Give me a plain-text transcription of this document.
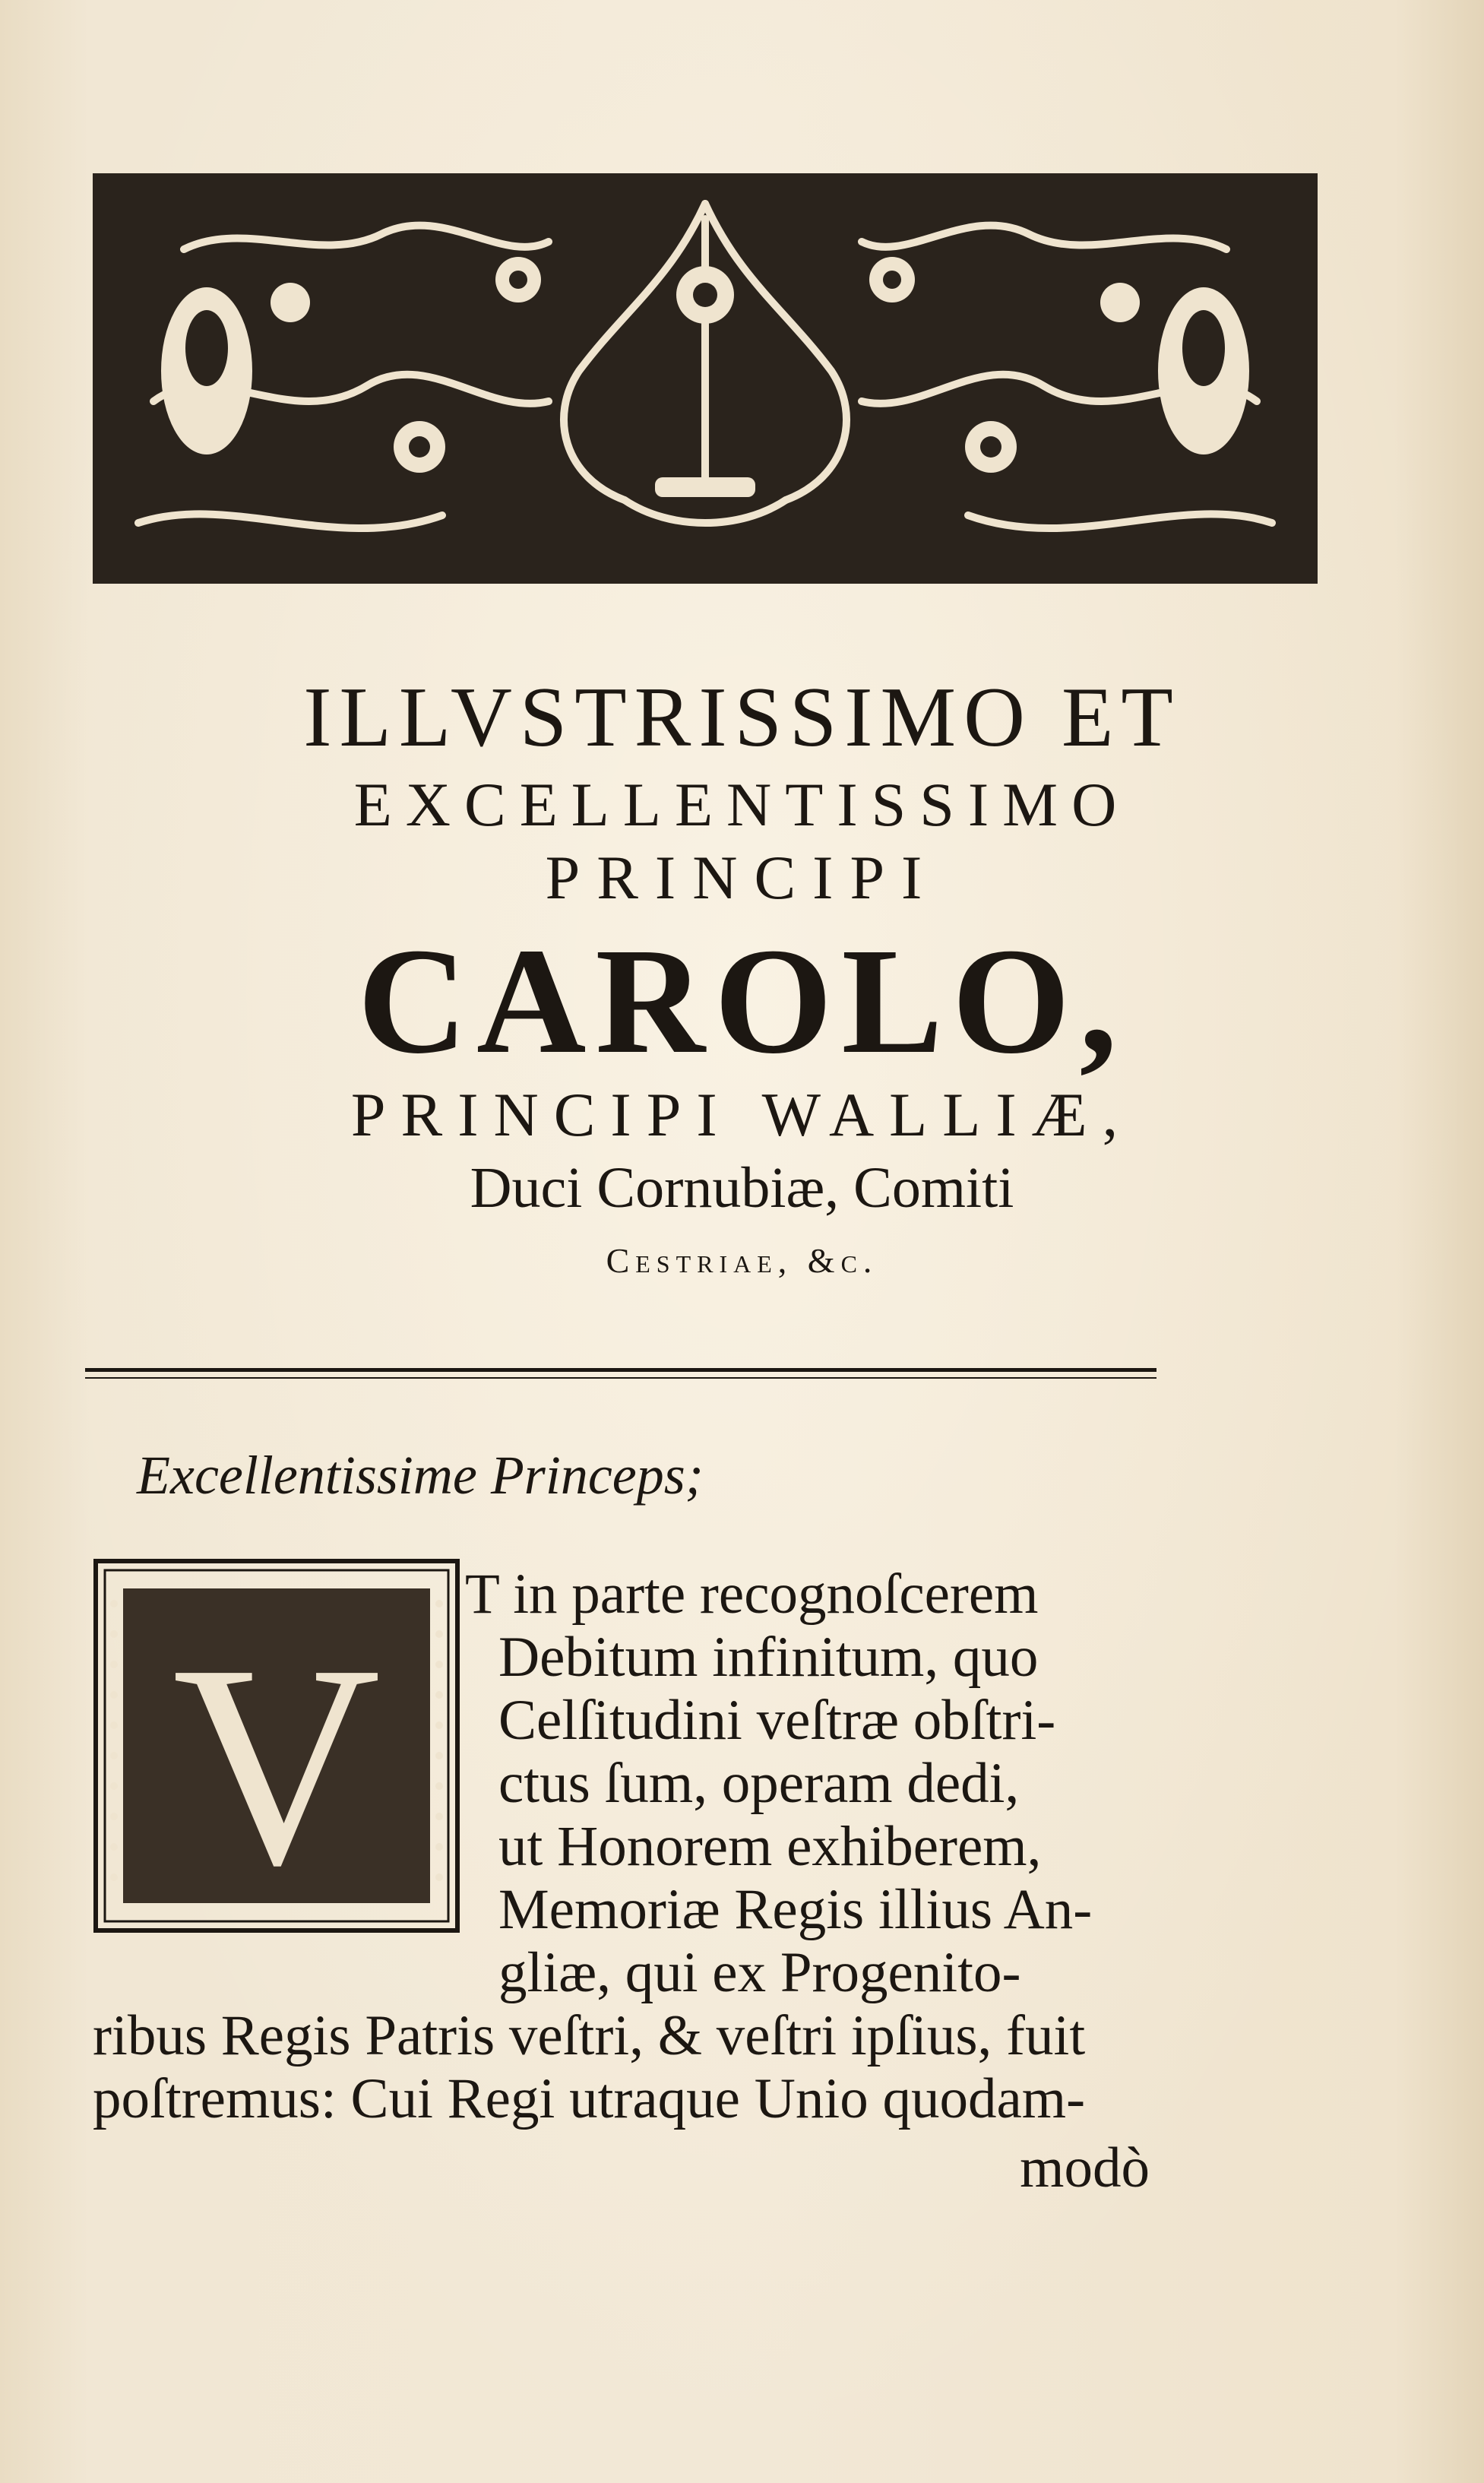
ILLVSTRISSIMO ET
EXCELLENTISSIMO
PRINCIPI
CAROLO,
PRINCIPI WALLIÆ,
Duci Cornubiæ, Comiti
Cestriae, &c.
Excellentissime Princeps;
V
T in parte recognoſcerem
Debitum infinitum, quo
Celſitudini veſtræ obſtri-
ctus ſum, operam dedi,
ut Honorem exhiberem,
Memoriæ Regis illius An-
gliæ, qui ex Progenito-
ribus Regis Patris veſtri, & veſtri ipſius, fuit
poſtremus: Cui Regi utraque Unio quodam-
modò
